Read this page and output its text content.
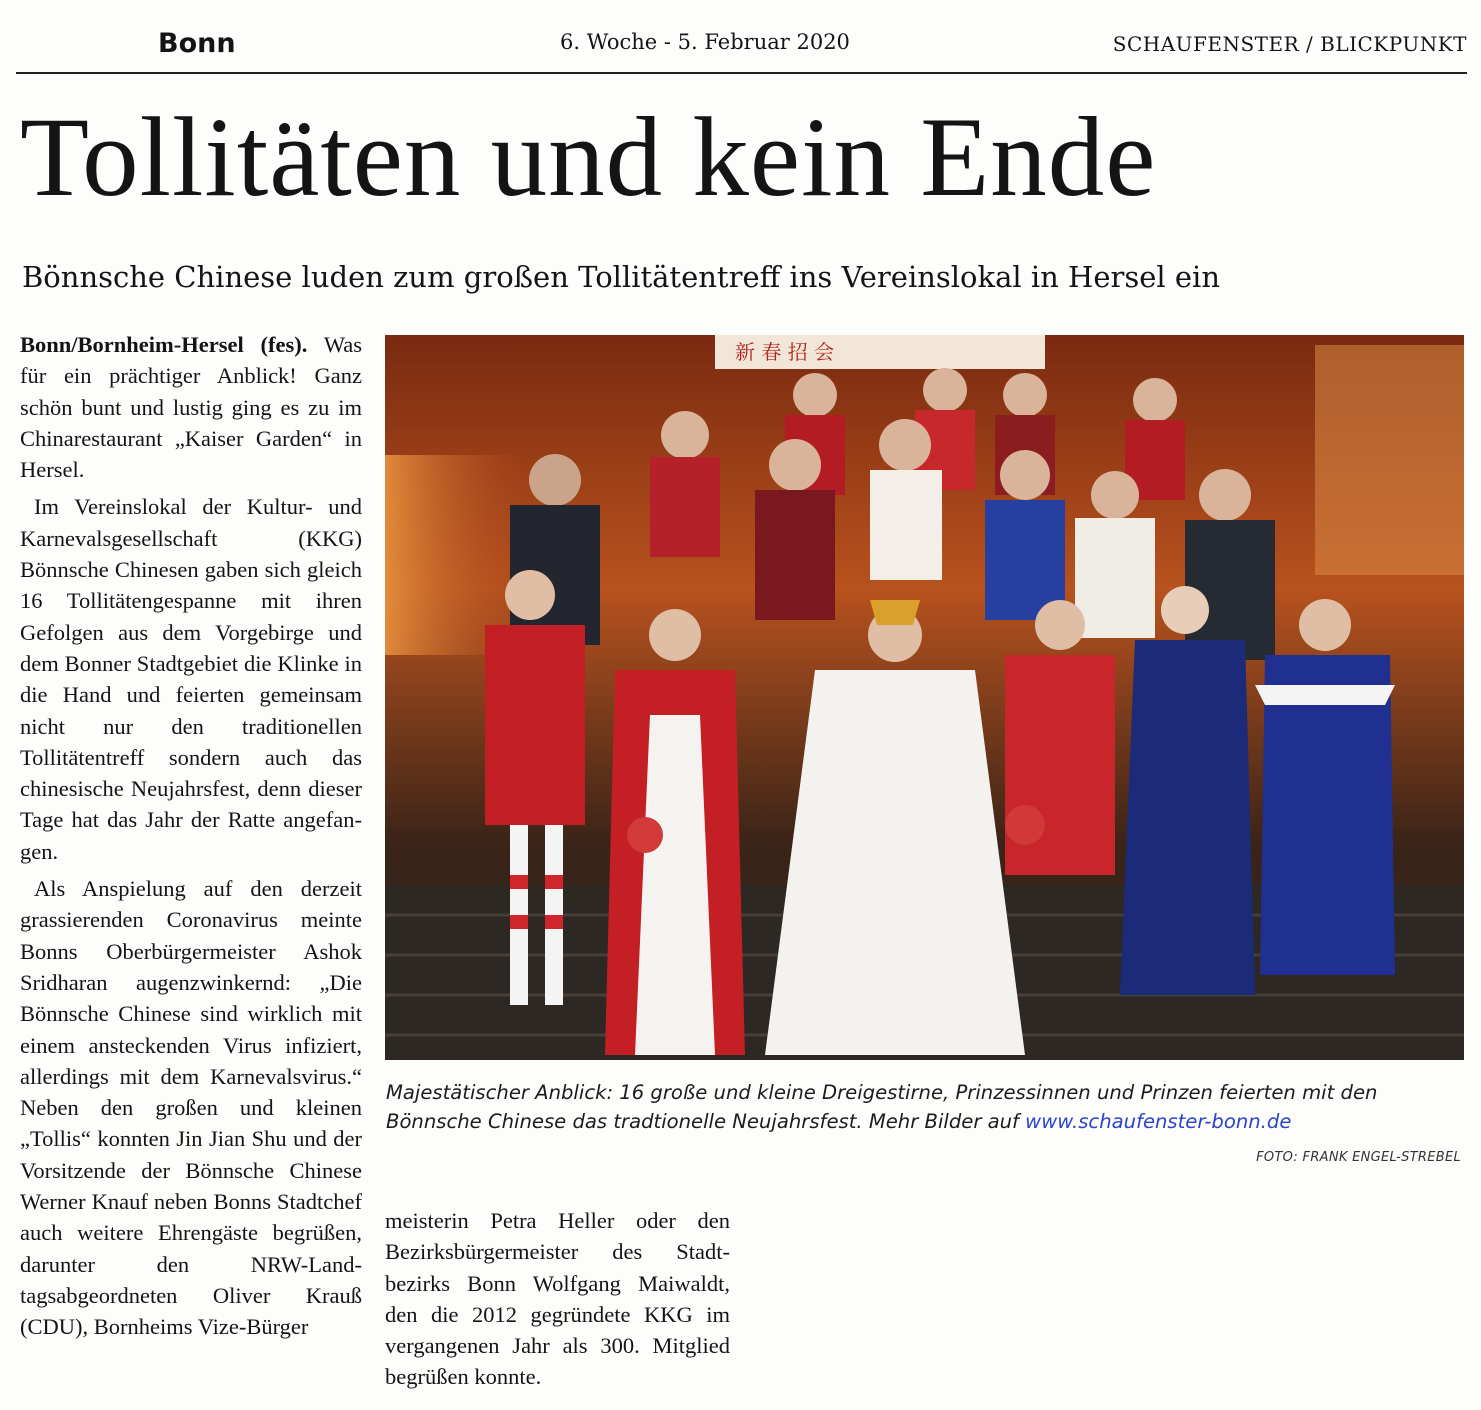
Bonn	6. Woche - 5. Februar 2020	SCHAUFENSTER / BLICKPUNKT
Tollitäten und kein Ende
Bönnsche Chinese luden zum großen Tollitätentreff ins Vereinslokal in Hersel ein

Bonn/Bornheim-Hersel (fes). Was für ein prächtiger Anblick! Ganz schön bunt und lustig ging es zu im Chinarestaurant „Kaiser Garden“ in Hersel.

Im Vereinslokal der Kultur- und Karnevalsgesellschaft (KKG) Bönnsche Chinesen gaben sich gleich 16 Tollitätengespanne mit ihren Gefolgen aus dem Vorgebirge und dem Bonner Stadtgebiet die Klinke in die Hand und feierten gemeinsam nicht nur den traditionellen Tollitätentreff sondern auch das chinesische Neujahrsfest, denn dieser Tage hat das Jahr der Ratte angefangen.

Als Anspielung auf den derzeit grassierenden Coronavirus meinte Bonns Oberbürgermeister Ashok Sridharan augenzwinkernd: „Die Bönnsche Chinese sind wirklich mit einem ansteckenden Virus infiziert, allerdings mit dem Karnevalsvirus.“ Neben den großen und kleinen „Tollis“ konnten Jin Jian Shu und der Vorsitzende der Bönnsche Chinese Werner Knauf neben Bonns Stadtchef auch weitere Ehrengäste begrüßen, darunter den NRW-Landtagsabgeordneten Oliver Krauß (CDU), Bornheims Vize-Bürger

meisterin Petra Heller oder den Bezirksbürgermeister des Stadtbezirks Bonn Wolfgang Maiwaldt, den die 2012 gegründete KKG im vergangenen Jahr als 300. Mitglied begrüßen konnte.

新 春 招 会
Majestätischer Anblick: 16 große und kleine Dreigestirne, Prinzessinnen und Prinzen feierten mit den Bönnsche Chinese das tradtionelle Neujahrsfest. Mehr Bilder auf www.schaufenster-bonn.de
FOTO: FRANK ENGEL-STREBEL
